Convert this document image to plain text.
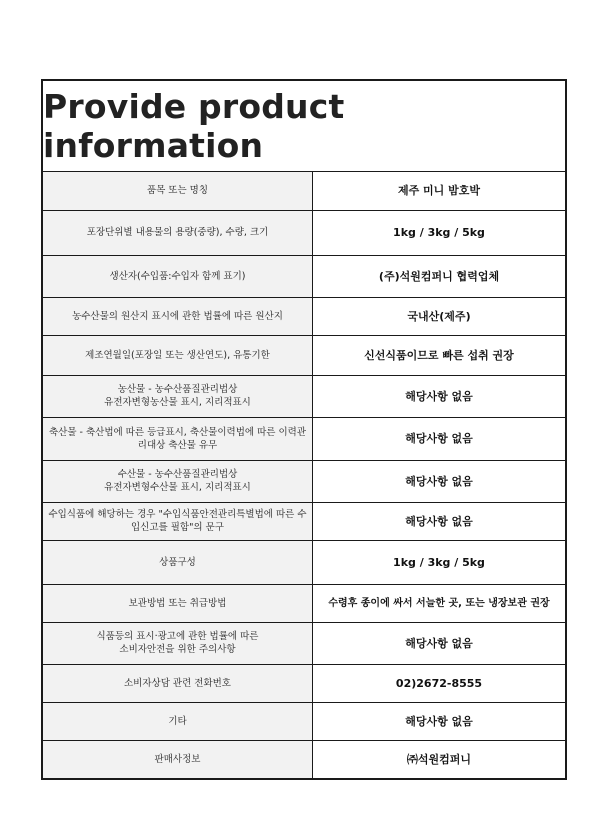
Provide product information
품목 또는 명칭	제주 미니 밤호박
포장단위별 내용물의 용량(중량), 수량, 크기	1kg / 3kg / 5kg
생산자(수입품:수입자 함께 표기)	(주)석원컴퍼니 협력업체
농수산물의 원산지 표시에 관한 법률에 따른 원산지	국내산(제주)
제조연월일(포장일 또는 생산연도), 유통기한	신선식품이므로 빠른 섭취 권장
농산물 - 농수산품질관리법상
유전자변형농산물 표시, 지리적표시	해당사항 없음
축산물 - 축산법에 따른 등급표시, 축산물이력법에 따른 이력관리대상 축산물 유무	해당사항 없음
수산물 - 농수산품질관리법상
유전자변형수산물 표시, 지리적표시	해당사항 없음
수입식품에 해당하는 경우 "수입식품안전관리특별법에 따른 수입신고를 필함"의 문구	해당사항 없음
상품구성	1kg / 3kg / 5kg
보관방법 또는 취급방법	수령후 종이에 싸서 서늘한 곳, 또는 냉장보관 권장
식품등의 표시·광고에 관한 법률에 따른
소비자안전을 위한 주의사항	해당사항 없음
소비자상담 관련 전화번호	02)2672-8555
기타	해당사항 없음
판매사정보	㈜석원컴퍼니
